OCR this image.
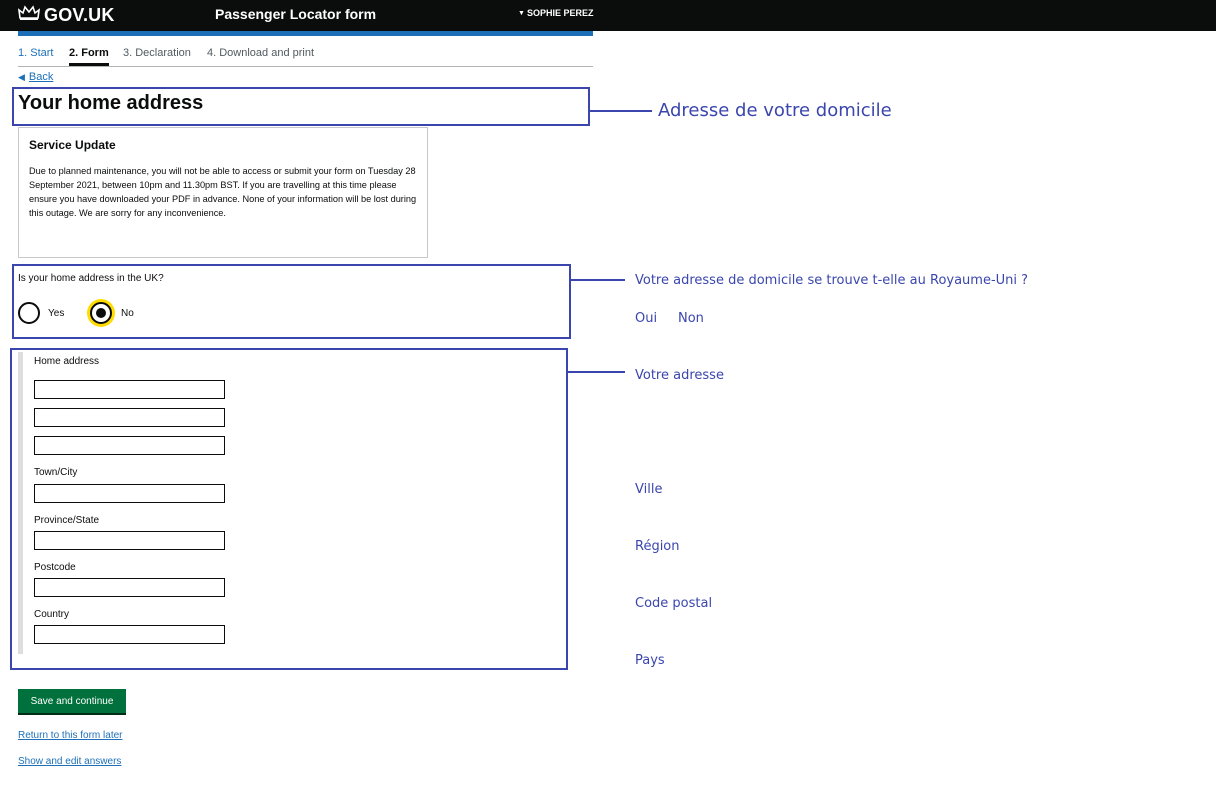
GOV.UK	Passenger Locator form	▼ SOPHIE PEREZ
1. Start 2. Form 3. Declaration 4. Download and print
◀ Back
Your home address	Adresse de votre domicile
Service Update
Due to planned maintenance, you will not be able to access or submit your form on Tuesday 28 September 2021, between 10pm and 11.30pm BST. If you are travelling at this time please ensure you have downloaded your PDF in advance. None of your information will be lost during this outage. We are sorry for any inconvenience.
Is your home address in the UK?
Yes	No
Votre adresse de domicile se trouve t-elle au Royaume-Uni ?
Oui Non
Home address
Town/City
Province/State
Postcode
Country
Votre adresse
Ville
Région
Code postal
Pays
Save and continue
Return to this form later
Show and edit answers
